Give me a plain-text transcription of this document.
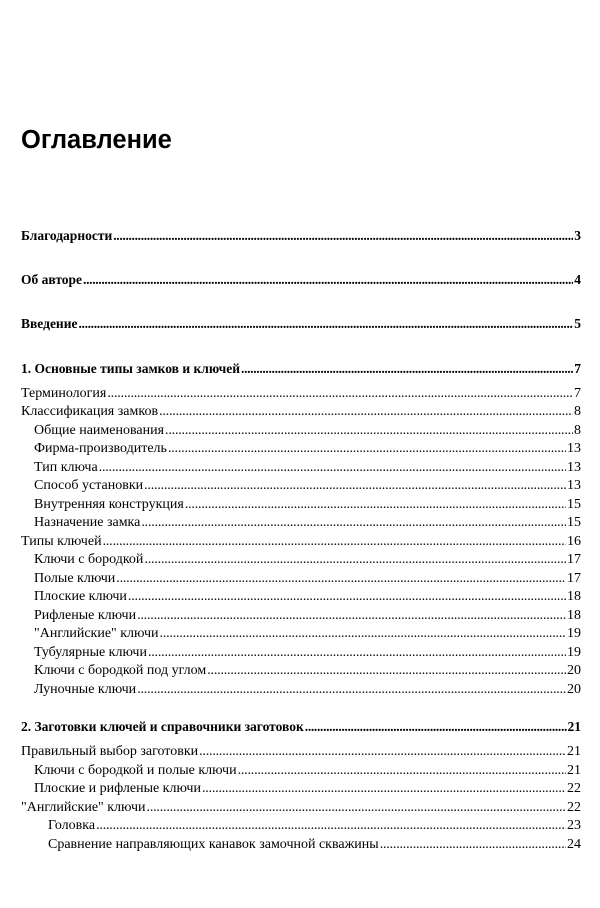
Оглавление
Благодарности . . .	3
Об авторе . . .	4
Введение . . .	5
1. Основные типы замков и ключей . . .	7
Терминология . . .	7
Классификация замков . . .	8
Общие наименования . . .	8
Фирма-производитель . . .	13
Тип ключа . . .	13
Способ установки . . .	13
Внутренняя конструкция . . .	15
Назначение замка . . .	15
Типы ключей . . .	16
Ключи с бородкой . . .	17
Полые ключи . . .	17
Плоские ключи . . .	18
Рифленые ключи . . .	18
"Английские" ключи . . .	19
Тубулярные ключи . . .	19
Ключи с бородкой под углом . . .	20
Луночные ключи . . .	20
2. Заготовки ключей и справочники заготовок . . .	21
Правильный выбор заготовки . . .	21
Ключи с бородкой и полые ключи . . .	21
Плоские и рифленые ключи . . .	22
"Английские" ключи . . .	22
Головка . . .	23
Сравнение направляющих канавок замочной скважины . . .	24
